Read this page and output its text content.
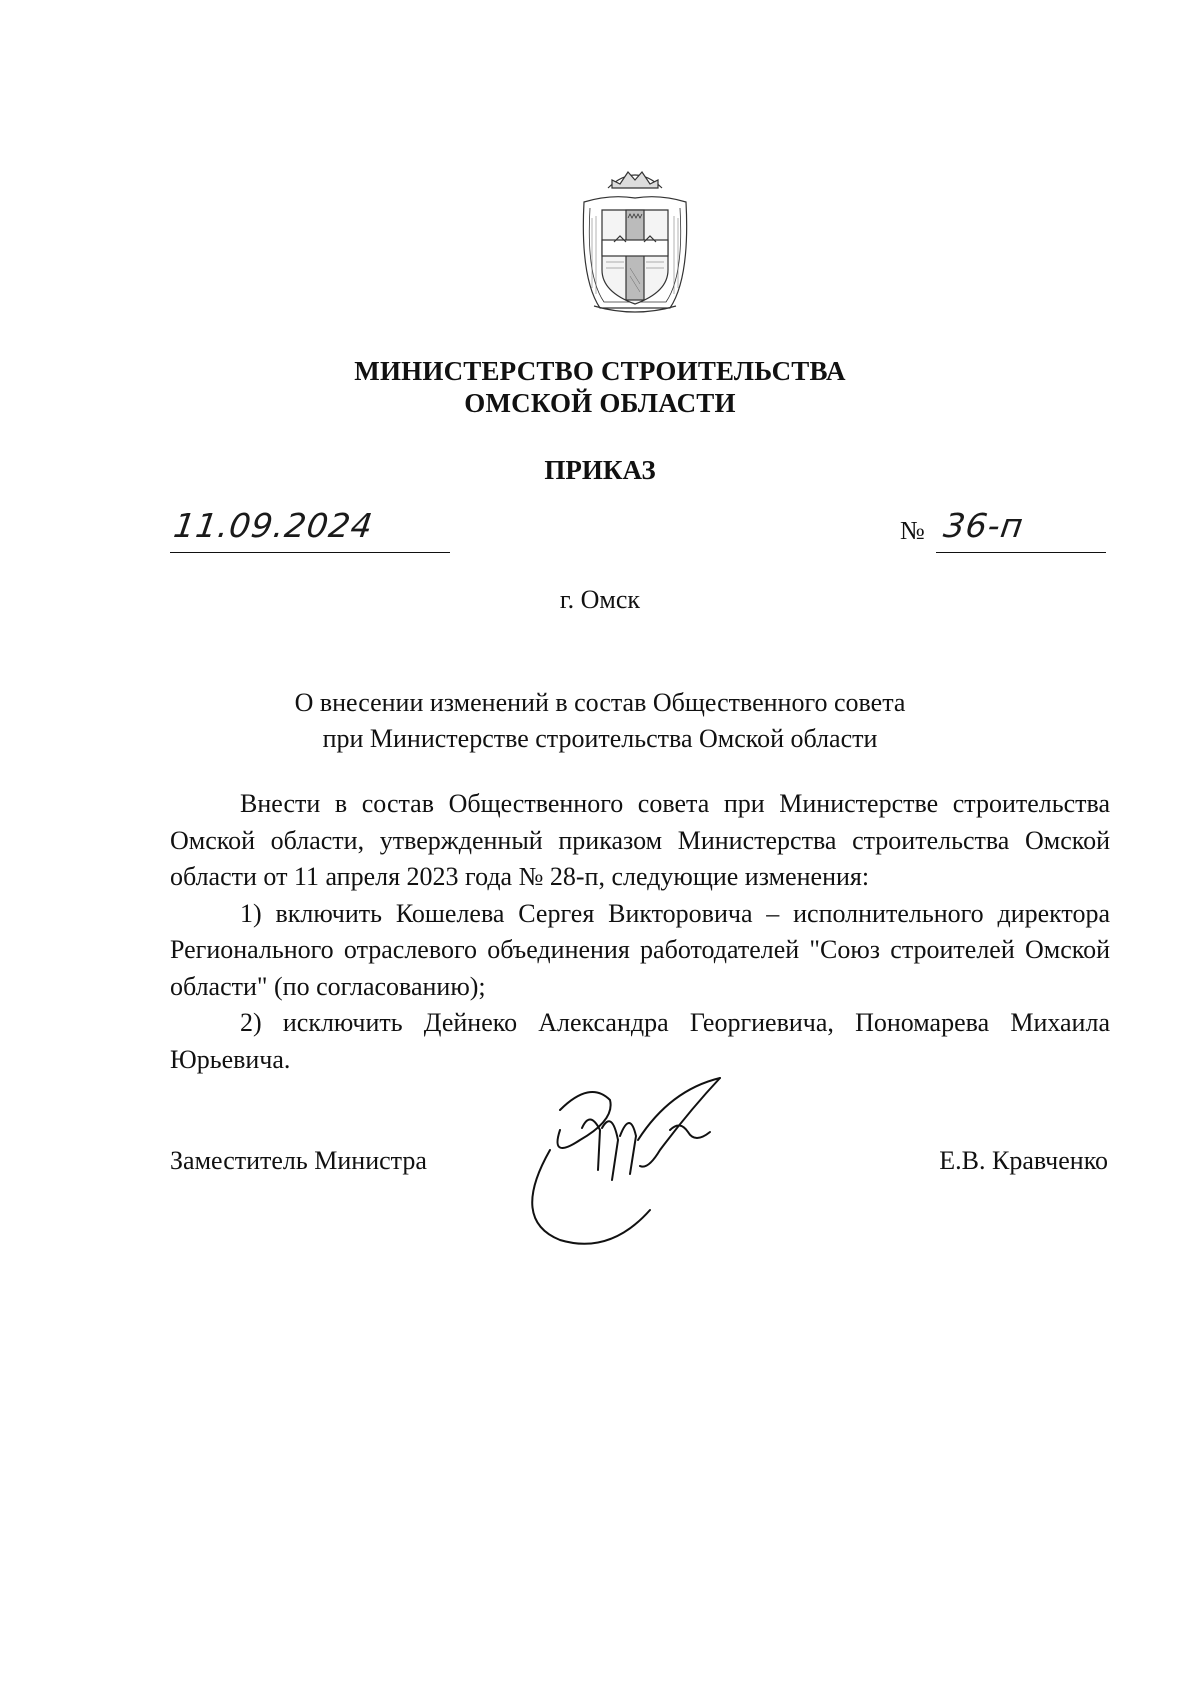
МИНИСТЕРСТВО СТРОИТЕЛЬСТВА
ОМСКОЙ ОБЛАСТИ
ПРИКАЗ
11.09.2024	№ 36-п
г. Омск
О внесении изменений в состав Общественного совета
при Министерстве строительства Омской области

Внести в состав Общественного совета при Министерстве строительства Омской области, утвержденный приказом Министерства строительства Омской области от 11 апреля 2023 года № 28-п, следующие изменения:

1) включить Кошелева Сергея Викторовича – исполнительного директора Регионального отраслевого объединения работодателей "Союз строителей Омской области" (по согласованию);

2) исключить Дейнеко Александра Георгиевича, Пономарева Михаила Юрьевича.

Заместитель Министра	Е.В. Кравченко
